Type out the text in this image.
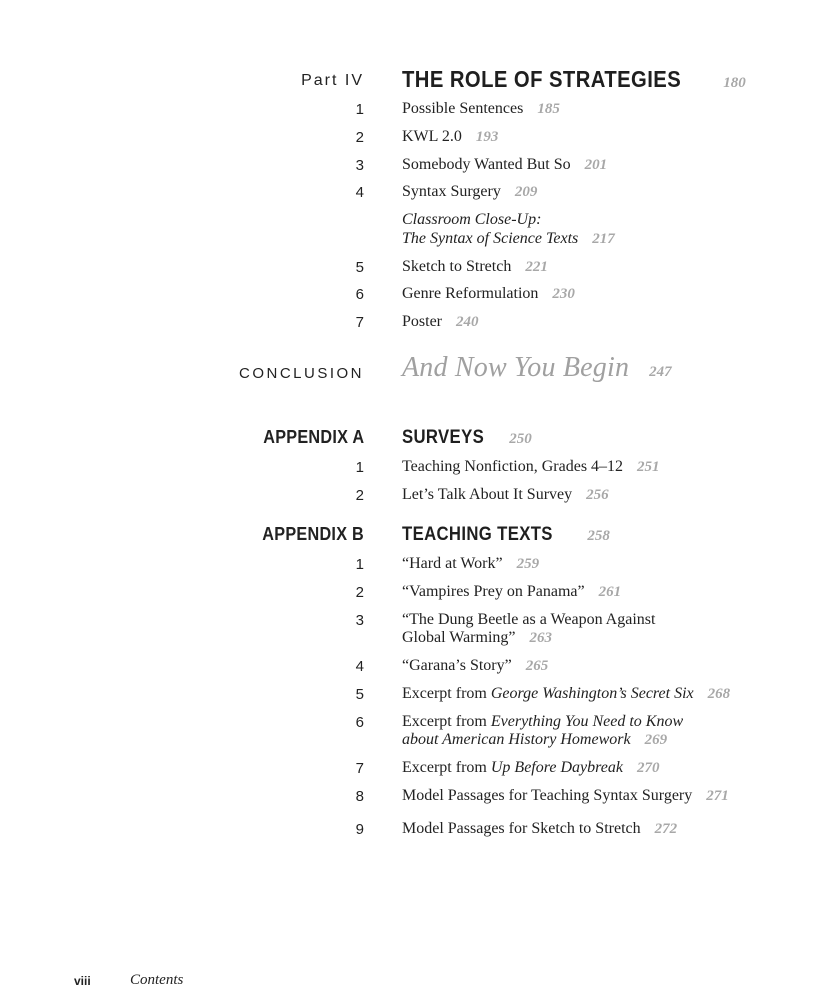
Part IV THE ROLE OF STRATEGIES	180
1 Possible Sentences 185
2 KWL 2.0 193
3 Somebody Wanted But So 201
4 Syntax Surgery 209
Classroom Close-Up:
The Syntax of Science Texts 217
5 Sketch to Stretch 221
6 Genre Reformulation 230
7 Poster 240
CONCLUSION And Now You Begin 247
APPENDIX A SURVEYS 250
1 Teaching Nonfiction, Grades 4–12 251
2 Let’s Talk About It Survey 256
APPENDIX B TEACHING TEXTS 258
1 “Hard at Work” 259
2 “Vampires Prey on Panama” 261
3 “The Dung Beetle as a Weapon Against
Global Warming” 263
4 “Garana’s Story” 265
5 Excerpt from George Washington’s Secret Six 268
6 Excerpt from Everything You Need to Know
about American History Homework 269
7 Excerpt from Up Before Daybreak 270
8 Model Passages for Teaching Syntax Surgery 271
9 Model Passages for Sketch to Stretch 272
viii	Contents
